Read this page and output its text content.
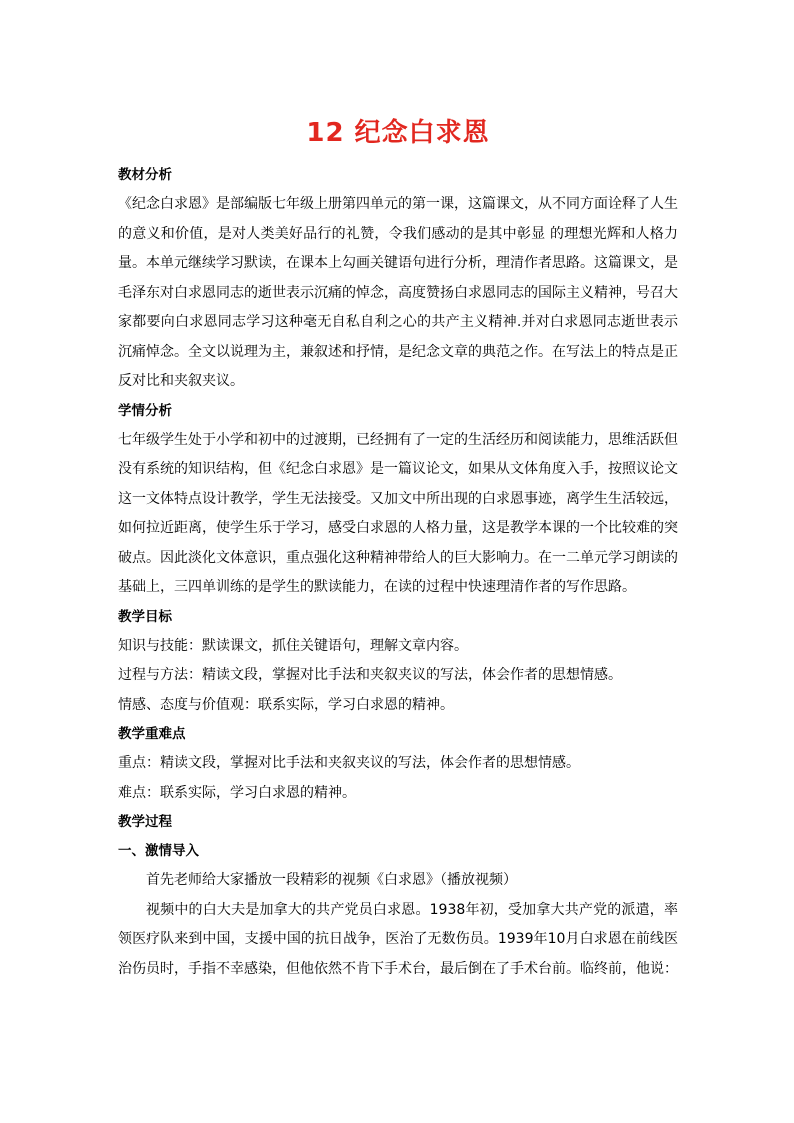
12 纪念白求恩
教材分析

《纪念白求恩》是部编版七年级上册第四单元的第一课，这篇课文，从不同方面诠释了人生的意义和价值，是对人类美好品行的礼赞，令我们感动的是其中彰显 的理想光辉和人格力量。本单元继续学习默读，在课本上勾画关键语句进行分析，理清作者思路。这篇课文，是毛泽东对白求恩同志的逝世表示沉痛的悼念，高度赞扬白求恩同志的国际主义精神，号召大家都要向白求恩同志学习这种毫无自私自利之心的共产主义精神.并对白求恩同志逝世表示沉痛悼念。全文以说理为主，兼叙述和抒情，是纪念文章的典范之作。在写法上的特点是正反对比和夹叙夹议。

学情分析

七年级学生处于小学和初中的过渡期，已经拥有了一定的生活经历和阅读能力，思维活跃但没有系统的知识结构，但《纪念白求恩》是一篇议论文，如果从文体角度入手，按照议论文这一文体特点设计教学，学生无法接受。又加文中所出现的白求恩事迹，离学生生活较远，如何拉近距离，使学生乐于学习，感受白求恩的人格力量，这是教学本课的一个比较难的突破点。因此淡化文体意识，重点强化这种精神带给人的巨大影响力。在一二单元学习朗读的基础上，三四单训练的是学生的默读能力，在读的过程中快速理清作者的写作思路。

教学目标

知识与技能：默读课文，抓住关键语句，理解文章内容。

过程与方法：精读文段，掌握对比手法和夹叙夹议的写法，体会作者的思想情感。

情感、态度与价值观：联系实际，学习白求恩的精神。

教学重难点

重点：精读文段，掌握对比手法和夹叙夹议的写法，体会作者的思想情感。

难点：联系实际，学习白求恩的精神。

教学过程
一、激情导入

首先老师给大家播放一段精彩的视频《白求恩》（播放视频）

视频中的白大夫是加拿大的共产党员白求恩。1938年初，受加拿大共产党的派遣，率领医疗队来到中国，支援中国的抗日战争，医治了无数伤员。1939年10月白求恩在前线医治伤员时，手指不幸感染，但他依然不肯下手术台，最后倒在了手术台前。临终前，他说：
